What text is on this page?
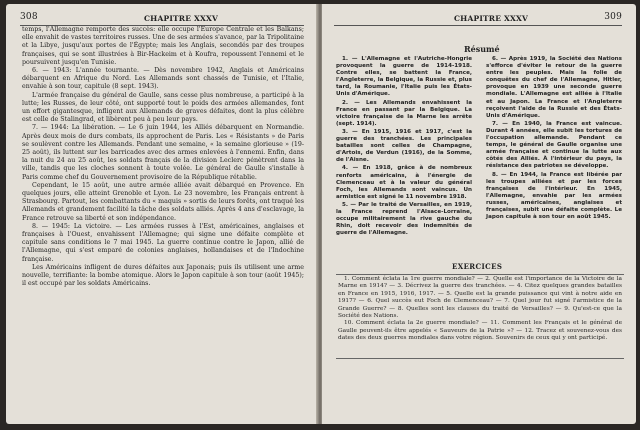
308	CHAPITRE XXXV

temps, l'Allemagne remporte des succès: elle occupe l'Europe Centrale et les Balkans; elle envahit de vastes territoires russes. Une de ses armées s'avance, par la Tripolitaine et la Libye, jusqu'aux portes de l'Égypte; mais les Anglais, secondés par des troupes françaises, qui se sont illustrées à Bir-Hackeim et à Koufra, repoussent l'ennemi et le poursuivent jusqu'en Tunisie.

6. — 1943: L'année tournante. — Dès novembre 1942, Anglais et Américains débarquent en Afrique du Nord. Les Allemands sont chassés de Tunisie, et l'Italie, envahie à son tour, capitule (8 sept. 1943).

L'armée française du général de Gaulle, sans cesse plus nombreuse, a participé à la lutte; les Russes, de leur côté, ont supporté tout le poids des armées allemandes, font un effort gigantesque, infligent aux Allemands de graves défaites, dont la plus célèbre est celle de Stalingrad, et libèrent peu à peu leur pays.

7. — 1944: La libération. — Le 6 juin 1944, les Alliés débarquent en Normandie. Après deux mois de durs combats, ils approchent de Paris. Les « Résistants » de Paris se soulèvent contre les Allemands. Pendant une semaine, « la semaine glorieuse » (19-25 août), ils luttent sur les barricades avec des armes enlevées à l'ennemi. Enfin, dans la nuit du 24 au 25 août, les soldats français de la division Leclerc pénètrent dans la ville, tandis que les cloches sonnent à toute volée. Le général de Gaulle s'installe à Paris comme chef du Gouvernement provisoire de la République rétablie.

Cependant, le 15 août, une autre armée alliée avait débarqué en Provence. En quelques jours, elle atteint Grenoble et Lyon. Le 23 novembre, les Français entrent à Strasbourg. Partout, les combattants du « maquis » sortis de leurs forêts, ont traqué les Allemands et grandement facilité la tâche des soldats alliés. Après 4 ans d'esclavage, la France retrouve sa liberté et son indépendance.

8. — 1945: La victoire. — Les armées russes à l'Est, américaines, anglaises et françaises à l'Ouest, envahissent l'Allemagne; qui signe une défaite complète et capitule sans conditions le 7 mai 1945. La guerre continue contre le Japon, allié de l'Allemagne, qui s'est emparé de colonies anglaises, hollandaises et de l'Indochine française.

Les Américains infligent de dures défaites aux Japonais; puis ils utilisent une arme nouvelle, terrifiante: la bombe atomique. Alors le Japon capitule à son tour (août 1945); il est occupé par les soldats Américains.

CHAPITRE XXXV	309
Résumé

1. — L'Allemagne et l'Autriche-Hongrie provoquent la guerre de 1914-1918. Contre elles, se battent la France, l'Angleterre, la Belgique, la Russie et, plus tard, la Roumanie, l'Italie puis les États-Unis d'Amérique.

2. — Les Allemands envahissent la France en passant par la Belgique. La victoire française de la Marne les arrête (sept. 1914).

3. — En 1915, 1916 et 1917, c'est la guerre des tranchées. Les principales batailles sont celles de Champagne, d'Artois, de Verdun (1916), de la Somme, de l'Aisne.

4. — En 1918, grâce à de nombreux renforts américains, à l'énergie de Clemenceau et à la valeur du général Foch, les Allemands sont vaincus. Un armistice est signé le 11 novembre 1918.

5. — Par le traité de Versailles, en 1919, la France reprend l'Alsace-Lorraine, occupe militairement la rive gauche du Rhin, doit recevoir des indemnités de guerre de l'Allemagne.

6. — Après 1919, la Société des Nations s'efforce d'éviter le retour de la guerre entre les peuples. Mais la folie de conquêtes du chef de l'Allemagne, Hitler, provoque en 1939 une seconde guerre mondiale. L'Allemagne est alliée à l'Italie et au Japon. La France et l'Angleterre reçoivent l'aide de la Russie et des États-Unis d'Amérique.

7. — En 1940, la France est vaincue. Durant 4 années, elle subit les tortures de l'occupation allemande. Pendant ce temps, le général de Gaulle organise une armée française et continue la lutte aux côtés des Alliés. À l'intérieur du pays, la résistance des patriotes se développe.

8. — En 1944, la France est libérée par les troupes alliées et par les forces françaises de l'intérieur. En 1945, l'Allemagne, envahie par les armées russes, américaines, anglaises et françaises, subit une défaite complète. Le Japon capitule à son tour en août 1945.

EXERCICES

1. Comment éclata la 1re guerre mondiale? — 2. Quelle est l'importance de la Victoire de la Marne en 1914? — 3. Décrivez la guerre des tranchées. — 4. Citez quelques grandes batailles en France en 1915, 1916, 1917. — 5. Quelle est la grande puissance qui vint à notre aide en 1917? — 6. Quel succès eut Foch de Clemenceau? — 7. Quel jour fut signé l'armistice de la Grande Guerre? — 8. Quelles sont les clauses du traité de Versailles? — 9. Qu'est-ce que la Société des Nations.

10. Comment éclata la 2e guerre mondiale? — 11. Comment les Français et le général de Gaulle peuvent-ils être appelés « Sauveurs de la Patrie »? — 12. Tracez et souvenez-vous des dates des deux guerres mondiales dans votre région. Souvenirs de ceux qui y ont participé.
